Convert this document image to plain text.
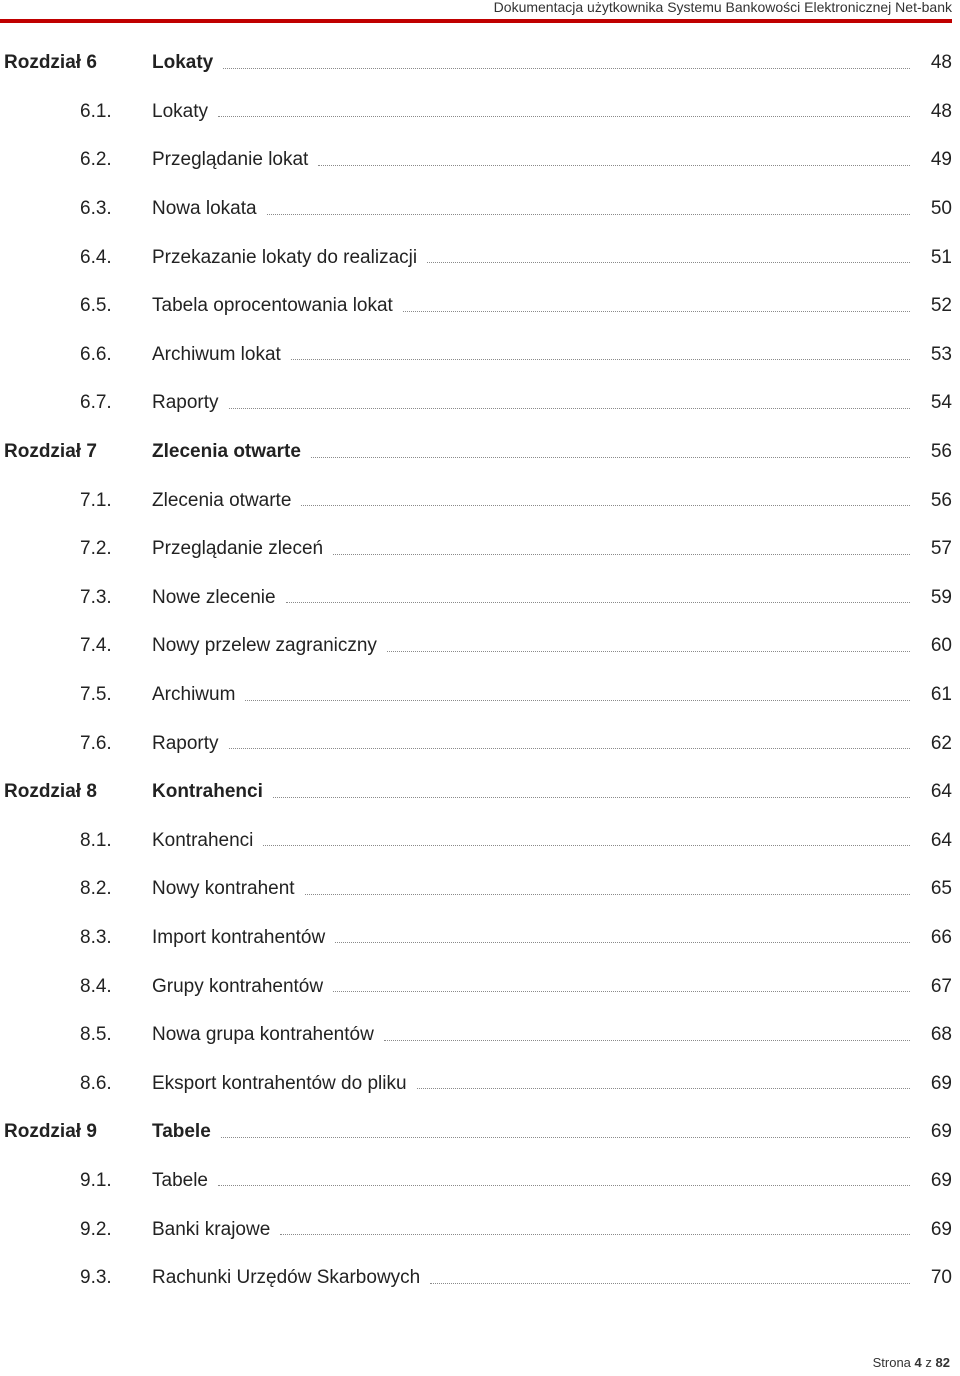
Dokumentacja użytkownika Systemu Bankowości Elektronicznej Net-bank
Rozdział 6	Lokaty	48
6.1.	Lokaty	48
6.2.	Przeglądanie lokat	49
6.3.	Nowa lokata	50
6.4.	Przekazanie lokaty do realizacji	51
6.5.	Tabela oprocentowania lokat	52
6.6.	Archiwum lokat	53
6.7.	Raporty	54
Rozdział 7	Zlecenia otwarte	56
7.1.	Zlecenia otwarte	56
7.2.	Przeglądanie zleceń	57
7.3.	Nowe zlecenie	59
7.4.	Nowy przelew zagraniczny	60
7.5.	Archiwum	61
7.6.	Raporty	62
Rozdział 8	Kontrahenci	64
8.1.	Kontrahenci	64
8.2.	Nowy kontrahent	65
8.3.	Import kontrahentów	66
8.4.	Grupy kontrahentów	67
8.5.	Nowa grupa kontrahentów	68
8.6.	Eksport kontrahentów do pliku	69
Rozdział 9	Tabele	69
9.1.	Tabele	69
9.2.	Banki krajowe	69
9.3.	Rachunki Urzędów Skarbowych	70
Strona 4 z 82
